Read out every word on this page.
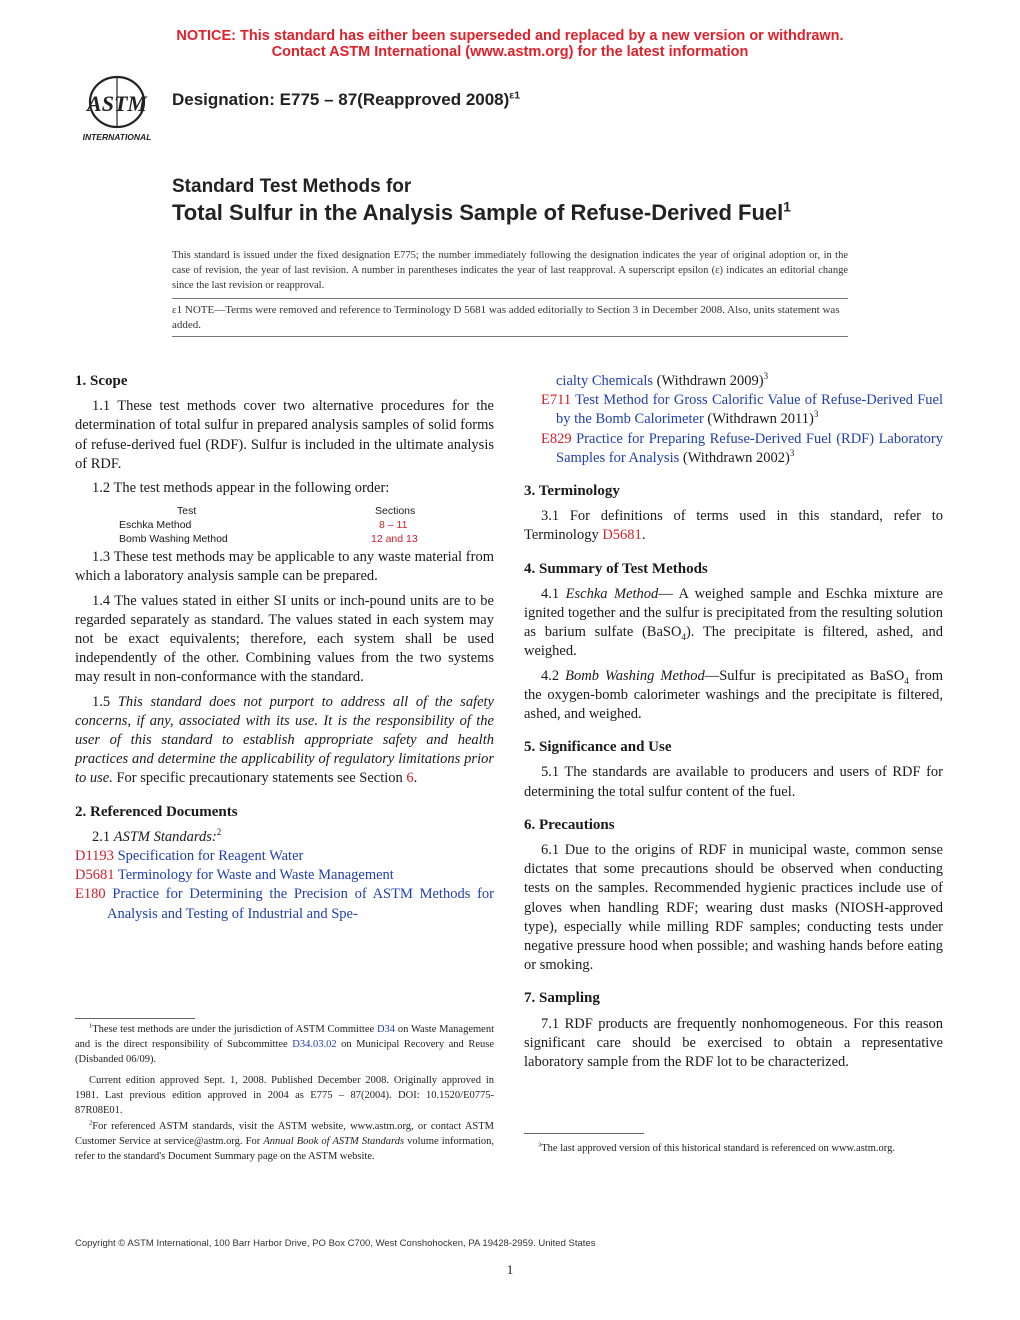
NOTICE: This standard has either been superseded and replaced by a new version or withdrawn.
Contact ASTM International (www.astm.org) for the latest information
ASTM
INTERNATIONAL
Designation: E775 – 87(Reapproved 2008)$^{\varepsilon 1}$
Standard Test Methods for
Total Sulfur in the Analysis Sample of Refuse-Derived Fuel$^1$
This standard is issued under the fixed designation E775; the number immediately following the designation indicates the year of original adoption or, in the case of revision, the year of last revision. A number in parentheses indicates the year of last reapproval. A superscript epsilon (ε) indicates an editorial change since the last revision or reapproval.
ε1 NOTE—Terms were removed and reference to Terminology D 5681 was added editorially to Section 3 in December 2008. Also, units statement was added.
1. Scope
1.1 These test methods cover two alternative procedures for the determination of total sulfur in prepared analysis samples of solid forms of refuse-derived fuel (RDF). Sulfur is included in the ultimate analysis of RDF.
1.2 The test methods appear in the following order:
Test	Sections
Eschka Method	8 – 11
Bomb Washing Method	12 and 13
1.3 These test methods may be applicable to any waste material from which a laboratory analysis sample can be prepared.
1.4 The values stated in either SI units or inch-pound units are to be regarded separately as standard. The values stated in each system may not be exact equivalents; therefore, each system shall be used independently of the other. Combining values from the two systems may result in non-conformance with the standard.
1.5 This standard does not purport to address all of the safety concerns, if any, associated with its use. It is the responsibility of the user of this standard to establish appropriate safety and health practices and determine the applicability of regulatory limitations prior to use. For specific precautionary statements see Section 6.
2. Referenced Documents
2.1 ASTM Standards:$^2$
D1193 Specification for Reagent Water
D5681 Terminology for Waste and Waste Management
E180 Practice for Determining the Precision of ASTM Methods for Analysis and Testing of Industrial and Spe-
$^1$These test methods are under the jurisdiction of ASTM Committee D34 on Waste Management and is the direct responsibility of Subcommittee D34.03.02 on Municipal Recovery and Reuse (Disbanded 06/09).
Current edition approved Sept. 1, 2008. Published December 2008. Originally approved in 1981. Last previous edition approved in 2004 as E775 – 87(2004). DOI: 10.1520/E0775-87R08E01.
$^2$For referenced ASTM standards, visit the ASTM website, www.astm.org, or contact ASTM Customer Service at service@astm.org. For Annual Book of ASTM Standards volume information, refer to the standard's Document Summary page on the ASTM website.
cialty Chemicals (Withdrawn 2009)$^3$
E711 Test Method for Gross Calorific Value of Refuse-Derived Fuel by the Bomb Calorimeter (Withdrawn 2011)$^3$
E829 Practice for Preparing Refuse-Derived Fuel (RDF) Laboratory Samples for Analysis (Withdrawn 2002)$^3$
3. Terminology
3.1 For definitions of terms used in this standard, refer to Terminology D5681.
4. Summary of Test Methods
4.1 Eschka Method— A weighed sample and Eschka mixture are ignited together and the sulfur is precipitated from the resulting solution as barium sulfate (BaSO$_4$). The precipitate is filtered, ashed, and weighed.
4.2 Bomb Washing Method—Sulfur is precipitated as BaSO$_4$ from the oxygen-bomb calorimeter washings and the precipitate is filtered, ashed, and weighed.
5. Significance and Use
5.1 The standards are available to producers and users of RDF for determining the total sulfur content of the fuel.
6. Precautions
6.1 Due to the origins of RDF in municipal waste, common sense dictates that some precautions should be observed when conducting tests on the samples. Recommended hygienic practices include use of gloves when handling RDF; wearing dust masks (NIOSH-approved type), especially while milling RDF samples; conducting tests under negative pressure hood when possible; and washing hands before eating or smoking.
7. Sampling
7.1 RDF products are frequently nonhomogeneous. For this reason significant care should be exercised to obtain a representative laboratory sample from the RDF lot to be characterized.
$^3$The last approved version of this historical standard is referenced on www.astm.org.
Copyright © ASTM International, 100 Barr Harbor Drive, PO Box C700, West Conshohocken, PA 19428-2959. United States
1
